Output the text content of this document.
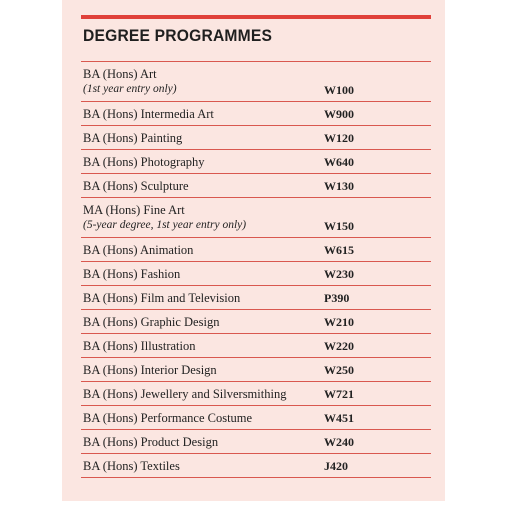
DEGREE PROGRAMMES
BA (Hons) Art
(1st year entry only)	W100
BA (Hons) Intermedia Art	W900
BA (Hons) Painting	W120
BA (Hons) Photography	W640
BA (Hons) Sculpture	W130
MA (Hons) Fine Art
(5-year degree, 1st year entry only)	W150
BA (Hons) Animation	W615
BA (Hons) Fashion	W230
BA (Hons) Film and Television	P390
BA (Hons) Graphic Design	W210
BA (Hons) Illustration	W220
BA (Hons) Interior Design	W250
BA (Hons) Jewellery and Silversmithing	W721
BA (Hons) Performance Costume	W451
BA (Hons) Product Design	W240
BA (Hons) Textiles	J420
